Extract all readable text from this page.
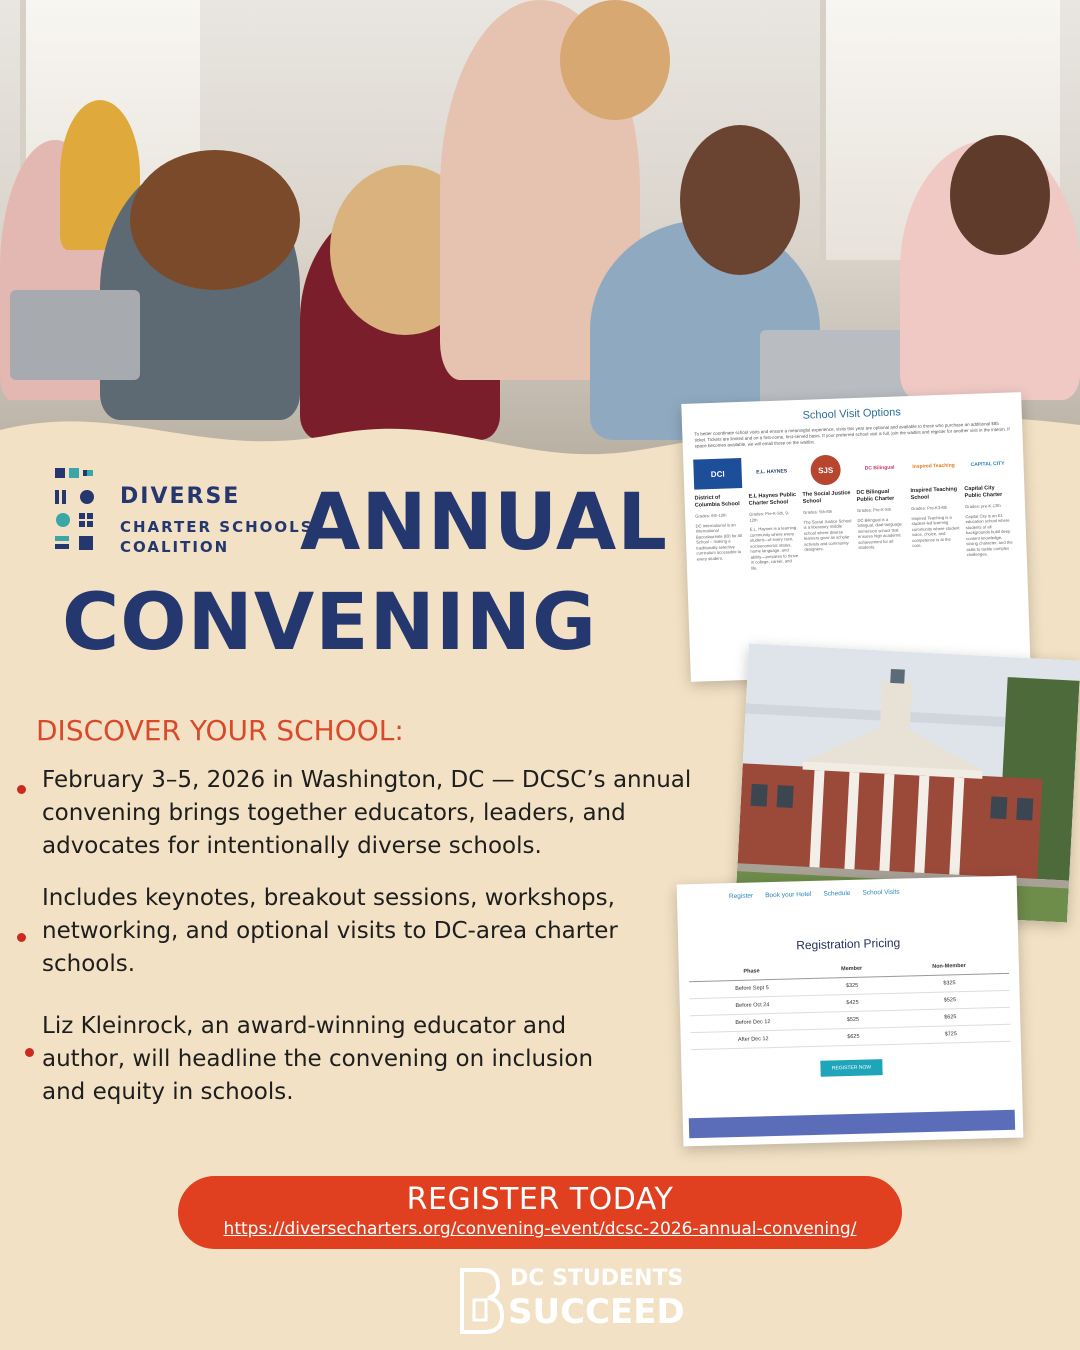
DIVERSE
CHARTER SCHOOLS
COALITION ANNUAL
CONVENING
DISCOVER YOUR SCHOOL:
February 3–5, 2026 in Washington, DC — DCSC’s annual convening brings together educators, leaders, and advocates for intentionally diverse schools.
Includes keynotes, breakout sessions, workshops, networking, and optional visits to DC-area charter schools.
Liz Kleinrock, an award-winning educator and author, will headline the convening on inclusion and equity in schools.
School Visit Options
To better coordinate school visits and ensure a meaningful experience, visits this year are optional and available to those who purchase an additional $85 ticket. Tickets are limited and on a first-come, first-served basis. If your preferred school visit is full, join the waitlist and register for another visit in the interim. If space becomes available, we will email those on the waitlist.
DCI
District of Columbia School
Grades: 6th-12th
DC International is an International Baccalaureate (IB) for All School – making a traditionally selective curriculum accessible to every student.
E.L. HAYNES
E.L Haynes Public Charter School
Grades: Pre-K-5th, 9-12th
E.L. Haynes is a learning community where every student—of every race, socioeconomic status, home language, and ability—prepares to thrive in college, career, and life.
SJS
The Social Justice School
Grades: 5th-8th
The Social Justice School is a liberatory middle school where diverse learners grow as scholar activists and community designers.
DC Bilingual
DC Bilingual Public Charter
Grades: Pre-K-5th
DC Bilingual is a bilingual, dual-language immersion school that ensures high academic achievement for all students.
Inspired Teaching
Inspired Teaching School
Grades: Pre-K3-8th
Inspired Teaching is a student-led learning community where student voice, choice, and competence is at the core.
CAPITAL CITY
Capital City Public Charter
Grades: pre-K-12th
Capital City is an EL education school where students of all backgrounds build deep content knowledge, strong character, and the skills to tackle complex challenges.
Register Book your Hotel Schedule School Visits
Registration Pricing
Phase	Member	Non-Member
Before Sept 5	$325	$325
Before Oct 24	$425	$525
Before Dec 12	$525	$625
After Dec 12	$625	$725
REGISTER NOW
REGISTER TODAY
https://diversecharters.org/convening-event/dcsc-2026-annual-convening/
DC STUDENTS
SUCCEED
